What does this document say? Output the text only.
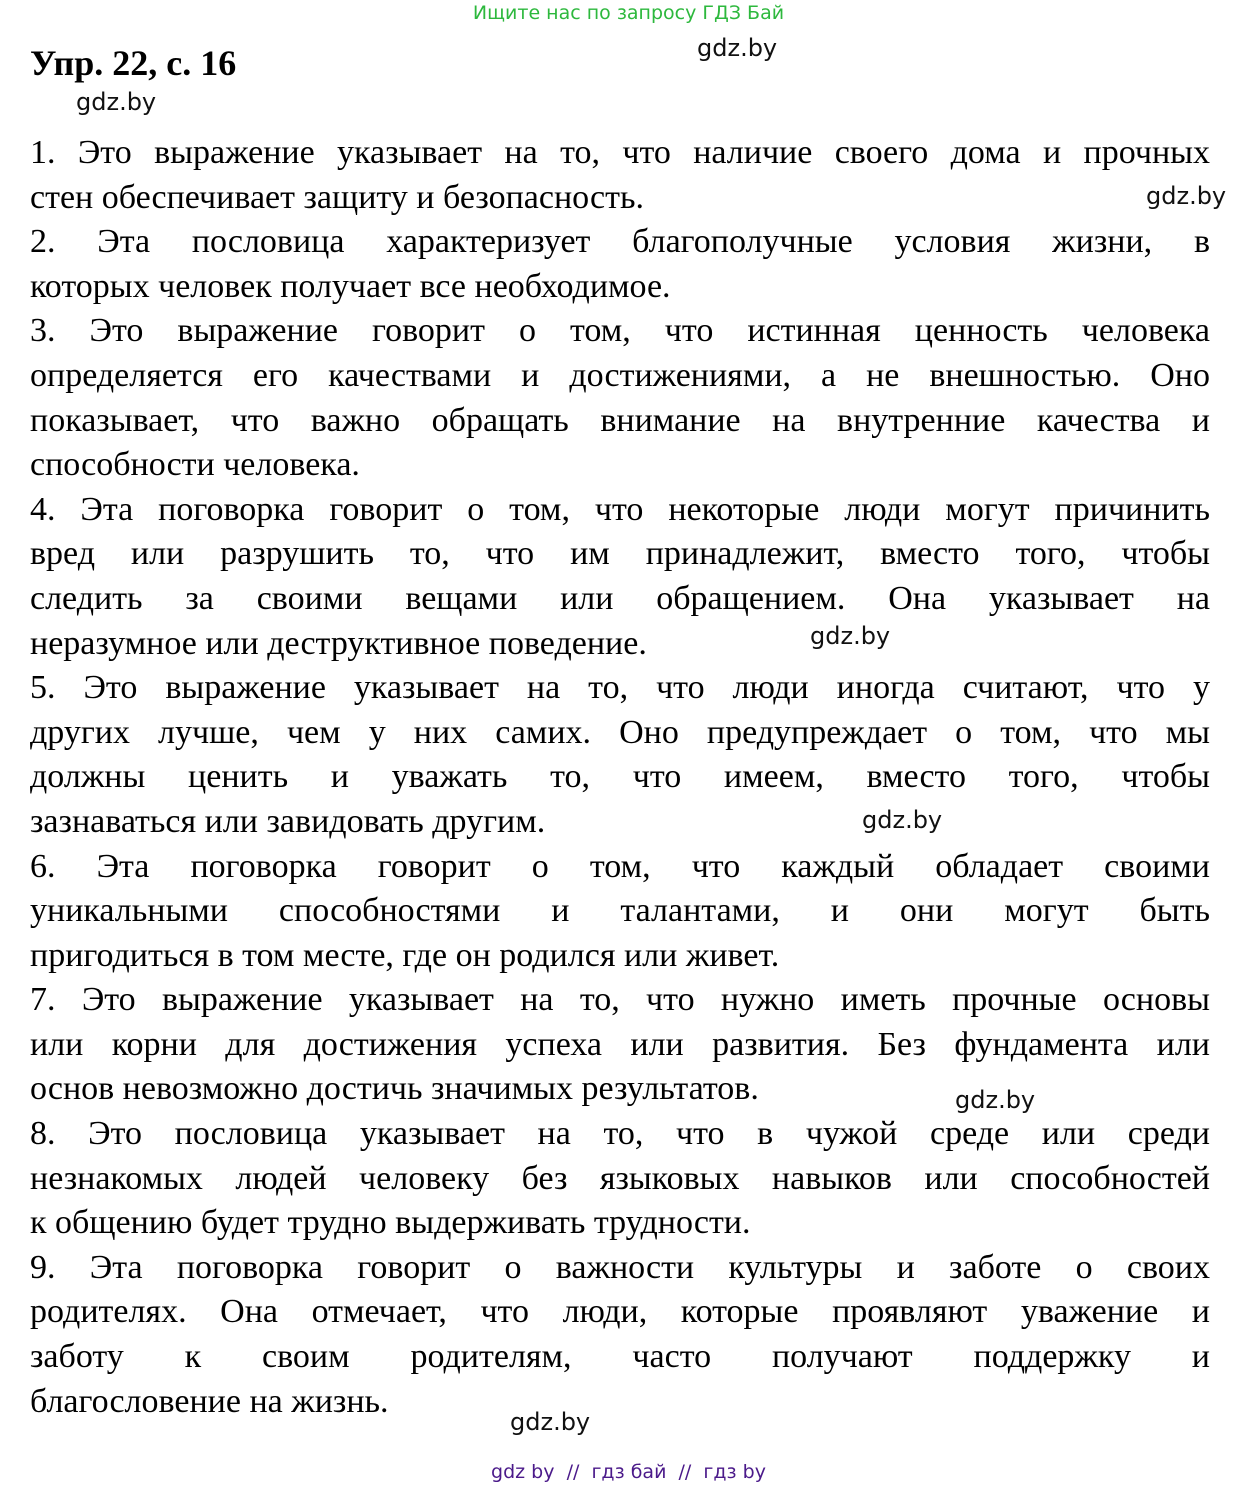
Ищите нас по запросу ГДЗ Бай
Упр. 22, с. 16	gdz.by
gdz.by
gdz.by
gdz.by
gdz.by
gdz.by
gdz.by
1. Это выражение указывает на то, что наличие своего дома и прочных
стен обеспечивает защиту и безопасность.
2. Эта пословица характеризует благополучные условия жизни, в
которых человек получает все необходимое.
3. Это выражение говорит о том, что истинная ценность человека
определяется его качествами и достижениями, а не внешностью. Оно
показывает, что важно обращать внимание на внутренние качества и
способности человека.
4. Эта поговорка говорит о том, что некоторые люди могут причинить
вред или разрушить то, что им принадлежит, вместо того, чтобы
следить за своими вещами или обращением. Она указывает на
неразумное или деструктивное поведение.
5. Это выражение указывает на то, что люди иногда считают, что у
других лучше, чем у них самих. Оно предупреждает о том, что мы
должны ценить и уважать то, что имеем, вместо того, чтобы
зазнаваться или завидовать другим.
6. Эта поговорка говорит о том, что каждый обладает своими
уникальными способностями и талантами, и они могут быть
пригодиться в том месте, где он родился или живет.
7. Это выражение указывает на то, что нужно иметь прочные основы
или корни для достижения успеха или развития. Без фундамента или
основ невозможно достичь значимых результатов.
8. Это пословица указывает на то, что в чужой среде или среди
незнакомых людей человеку без языковых навыков или способностей
к общению будет трудно выдерживать трудности.
9. Эта поговорка говорит о важности культуры и заботе о своих
родителях. Она отмечает, что люди, которые проявляют уважение и
заботу к своим родителям, часто получают поддержку и
благословение на жизнь.
gdz by  //  гдз бай  //  гдз by
